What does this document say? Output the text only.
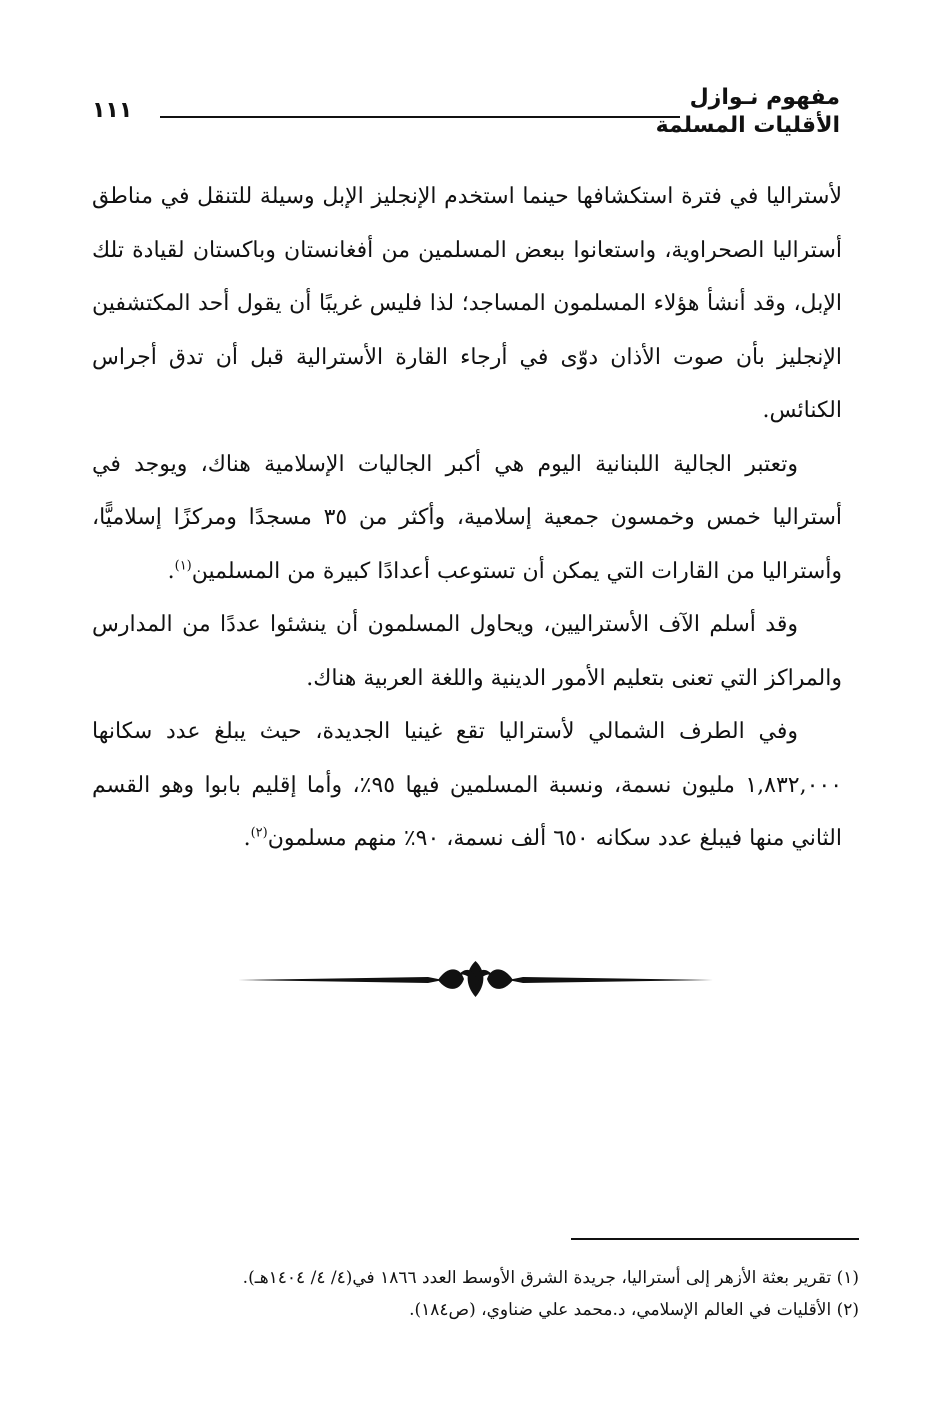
مفهوم نـوازل
الأقليات المسلمة
١١١

لأستراليا في فترة استكشافها حينما استخدم الإنجليز الإبل وسيلة للتنقل في مناطق أستراليا الصحراوية، واستعانوا ببعض المسلمين من أفغانستان وباكستان لقيادة تلك الإبل، وقد أنشأ هؤلاء المسلمون المساجد؛ لذا فليس غريبًا أن يقول أحد المكتشفين الإنجليز بأن صوت الأذان دوّى في أرجاء القارة الأسترالية قبل أن تدق أجراس الكنائس.

وتعتبر الجالية اللبنانية اليوم هي أكبر الجاليات الإسلامية هناك، ويوجد في أستراليا خمس وخمسون جمعية إسلامية، وأكثر من ٣٥ مسجدًا ومركزًا إسلاميًّا، وأستراليا من القارات التي يمكن أن تستوعب أعدادًا كبيرة من المسلمين$^{(١)}$.

وقد أسلم الآف الأستراليين، ويحاول المسلمون أن ينشئوا عددًا من المدارس والمراكز التي تعنى بتعليم الأمور الدينية واللغة العربية هناك.

وفي الطرف الشمالي لأستراليا تقع غينيا الجديدة، حيث يبلغ عدد سكانها ١,٨٣٢,٠٠٠ مليون نسمة، ونسبة المسلمين فيها ٩٥٪، وأما إقليم بابوا وهو القسم الثاني منها فيبلغ عدد سكانه ٦٥٠ ألف نسمة، ٩٠٪ منهم مسلمون$^{(٢)}$.

(١) تقرير بعثة الأزهر إلى أستراليا، جريدة الشرق الأوسط العدد ١٨٦٦ في(٤/ ٤/ ١٤٠٤هـ).

(٢) الأقليات في العالم الإسلامي، د.محمد علي ضناوي، (ص١٨٤).
